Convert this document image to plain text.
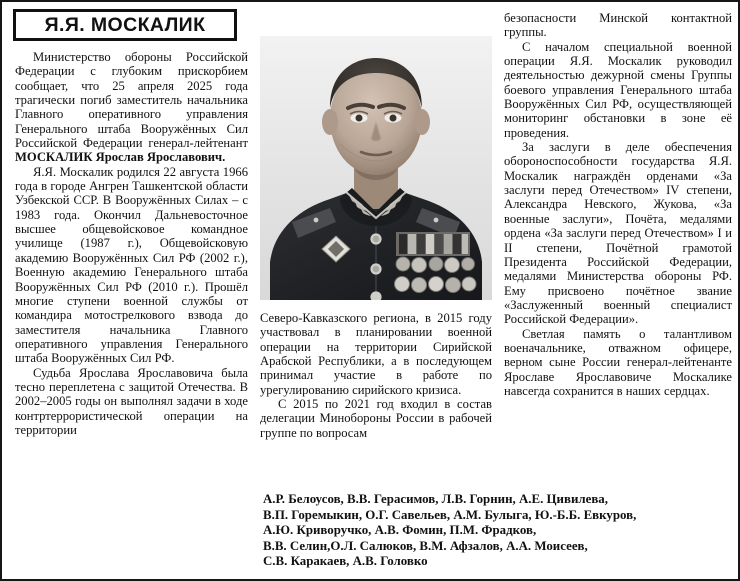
Я.Я. МОСКАЛИК

Министерство обороны Российской Федерации с глубоким прискорбием сообщает, что 25 апреля 2025 года трагически погиб заместитель начальника Главного оперативного управления Генерального штаба Вооружённых Сил Российской Федерации генерал-лейтенант МОСКАЛИК Ярослав Ярославович.

Я.Я. Москалик родился 22 августа 1966 года в городе Ангрен Ташкентской области Узбекской ССР. В Вооружённых Силах – с 1983 года. Окончил Дальневосточное высшее общевойсковое командное училище (1987 г.), Общевойсковую академию Вооружённых Сил РФ (2002 г.), Военную академию Генерального штаба Вооружённых Сил РФ (2010 г.). Прошёл многие ступени военной службы от командира мотострелкового взвода до заместителя начальника Главного оперативного управления Генерального штаба Вооружённых Сил РФ.

Судьба Ярослава Ярославовича была тесно переплетена с защитой Отечества. В 2002–2005 годы он выполнял задачи в ходе контртеррористической операции на территории

Северо-Кавказского региона, в 2015 году участвовал в планировании военной операции на территории Сирийской Арабской Республики, а в последующем принимал участие в работе по урегулированию сирийского кризиса.

С 2015 по 2021 год входил в состав делегации Минобороны России в рабочей группе по вопросам

безопасности Минской контактной группы.

С началом специальной военной операции Я.Я. Москалик руководил деятельностью дежурной смены Группы боевого управления Генерального штаба Вооружённых Сил РФ, осуществляющей мониторинг обстановки в зоне её проведения.

За заслуги в деле обеспечения обороноспособности государства Я.Я. Москалик награждён орденами «За заслуги перед Отечеством» IV степени, Александра Невского, Жукова, «За военные заслуги», Почёта, медалями ордена «За заслуги перед Отечеством» I и II степени, Почётной грамотой Президента Российской Федерации, медалями Министерства обороны РФ. Ему присвоено почётное звание «Заслуженный военный специалист Российской Федерации».

Светлая память о талантливом военачальнике, отважном офицере, верном сыне России генерал-лейтенанте Ярославе Ярославовиче Москалике навсегда сохранится в наших сердцах.

А.Р. Белоусов, В.В. Герасимов, Л.В. Горнин, А.Е. Цивилева,
В.П. Горемыкин, О.Г. Савельев, А.М. Булыга, Ю.-Б.Б. Евкуров,
А.Ю. Криворучко, А.В. Фомин, П.М. Фрадков,
В.В. Селин,О.Л. Салюков, В.М. Афзалов, А.А. Моисеев,
С.В. Каракаев, А.В. Головко
